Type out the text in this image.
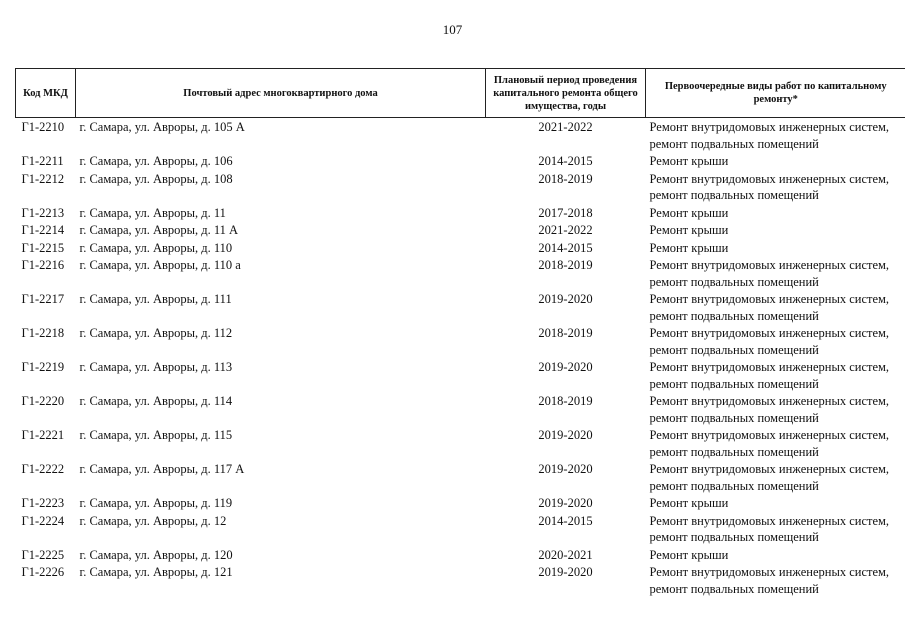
107
Код МКД	Почтовый адрес многоквартирного дома	Плановый период проведения капитального ремонта общего имущества, годы	Первоочередные виды работ по капитальному ремонту*
Г1-2210	г. Самара, ул. Авроры, д. 105 А	2021-2022	Ремонт внутридомовых инженерных систем,
ремонт подвальных помещений

Г1-2211	г. Самара, ул. Авроры, д. 106	2014-2015	Ремонт крыши

Г1-2212	г. Самара, ул. Авроры, д. 108	2018-2019	Ремонт внутридомовых инженерных систем,
ремонт подвальных помещений

Г1-2213	г. Самара, ул. Авроры, д. 11	2017-2018	Ремонт крыши

Г1-2214	г. Самара, ул. Авроры, д. 11 А	2021-2022	Ремонт крыши

Г1-2215	г. Самара, ул. Авроры, д. 110	2014-2015	Ремонт крыши

Г1-2216	г. Самара, ул. Авроры, д. 110 а	2018-2019	Ремонт внутридомовых инженерных систем,
ремонт подвальных помещений

Г1-2217	г. Самара, ул. Авроры, д. 111	2019-2020	Ремонт внутридомовых инженерных систем,
ремонт подвальных помещений

Г1-2218	г. Самара, ул. Авроры, д. 112	2018-2019	Ремонт внутридомовых инженерных систем,
ремонт подвальных помещений

Г1-2219	г. Самара, ул. Авроры, д. 113	2019-2020	Ремонт внутридомовых инженерных систем,
ремонт подвальных помещений

Г1-2220	г. Самара, ул. Авроры, д. 114	2018-2019	Ремонт внутридомовых инженерных систем,
ремонт подвальных помещений

Г1-2221	г. Самара, ул. Авроры, д. 115	2019-2020	Ремонт внутридомовых инженерных систем,
ремонт подвальных помещений

Г1-2222	г. Самара, ул. Авроры, д. 117 А	2019-2020	Ремонт внутридомовых инженерных систем,
ремонт подвальных помещений

Г1-2223	г. Самара, ул. Авроры, д. 119	2019-2020	Ремонт крыши

Г1-2224	г. Самара, ул. Авроры, д. 12	2014-2015	Ремонт внутридомовых инженерных систем,
ремонт подвальных помещений

Г1-2225	г. Самара, ул. Авроры, д. 120	2020-2021	Ремонт крыши

Г1-2226	г. Самара, ул. Авроры, д. 121	2019-2020	Ремонт внутридомовых инженерных систем,
ремонт подвальных помещений
